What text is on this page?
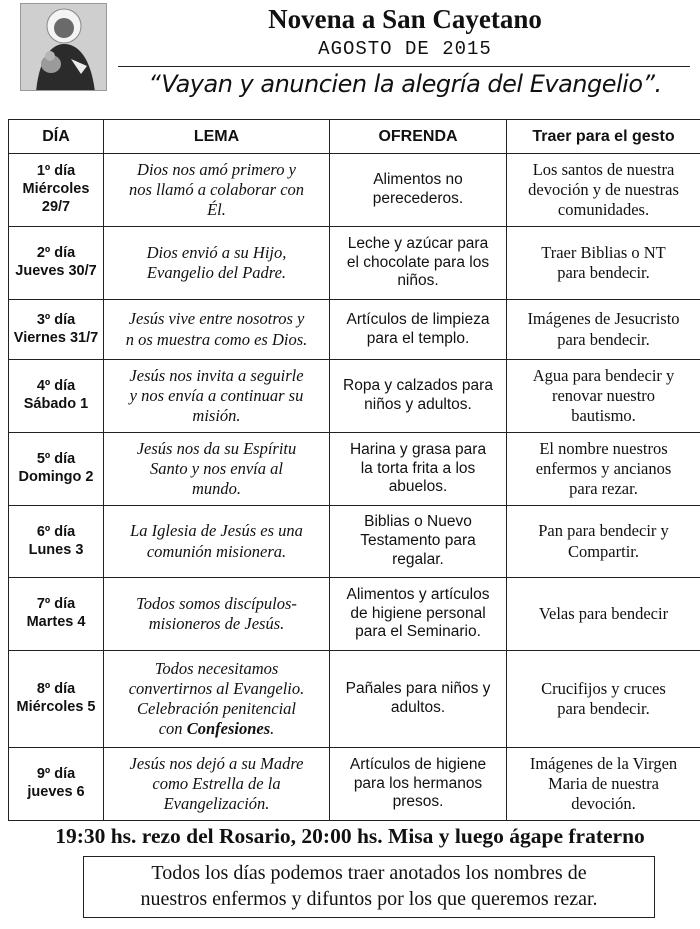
Novena a San Cayetano
AGOSTO DE 2015
“Vayan y anuncien la alegría del Evangelio”.
DÍA	LEMA	OFRENDA	Traer para el gesto

1º día
Miércoles
29/7	Dios nos amó primero y
nos llamó a colaborar con
Él.	Alimentos no
perecederos.	Los santos de nuestra
devoción y de nuestras
comunidades.

2º día
Jueves 30/7	Dios envió a su Hijo,
Evangelio del Padre.	Leche y azúcar para
el chocolate para los
niños.	Traer Biblias o NT
para bendecir.

3º día
Viernes 31/7	Jesús vive entre nosotros y
n os muestra como es Dios.	Artículos de limpieza
para el templo.	Imágenes de Jesucristo
para bendecir.

4º día
Sábado 1	Jesús nos invita a seguirle
y nos envía a continuar su
misión.	Ropa y calzados para
niños y adultos.	Agua para bendecir y
renovar nuestro
bautismo.

5º día
Domingo 2	Jesús nos da su Espíritu
Santo y nos envía al
mundo.	Harina y grasa para
la torta frita a los
abuelos.	El nombre nuestros
enfermos y ancianos
para rezar.

6º día
Lunes 3	La Iglesia de Jesús es una
comunión misionera.	Biblias o Nuevo
Testamento para
regalar.	Pan para bendecir y
Compartir.

7º día
Martes 4	Todos somos discípulos-
misioneros de Jesús.	Alimentos y artículos
de higiene personal
para el Seminario.	Velas para bendecir

8º día
Miércoles 5	Todos necesitamos
convertirnos al Evangelio.
Celebración penitencial
con Confesiones.	Pañales para niños y
adultos.	Crucifijos y cruces
para bendecir.

9º día
jueves 6	Jesús nos dejó a su Madre
como Estrella de la
Evangelización.	Artículos de higiene
para los hermanos
presos.	Imágenes de la Virgen
Maria de nuestra
devoción.
19:30 hs. rezo del Rosario, 20:00 hs. Misa y luego ágape fraterno
Todos los días podemos traer anotados los nombres de
nuestros enfermos y difuntos por los que queremos rezar.
